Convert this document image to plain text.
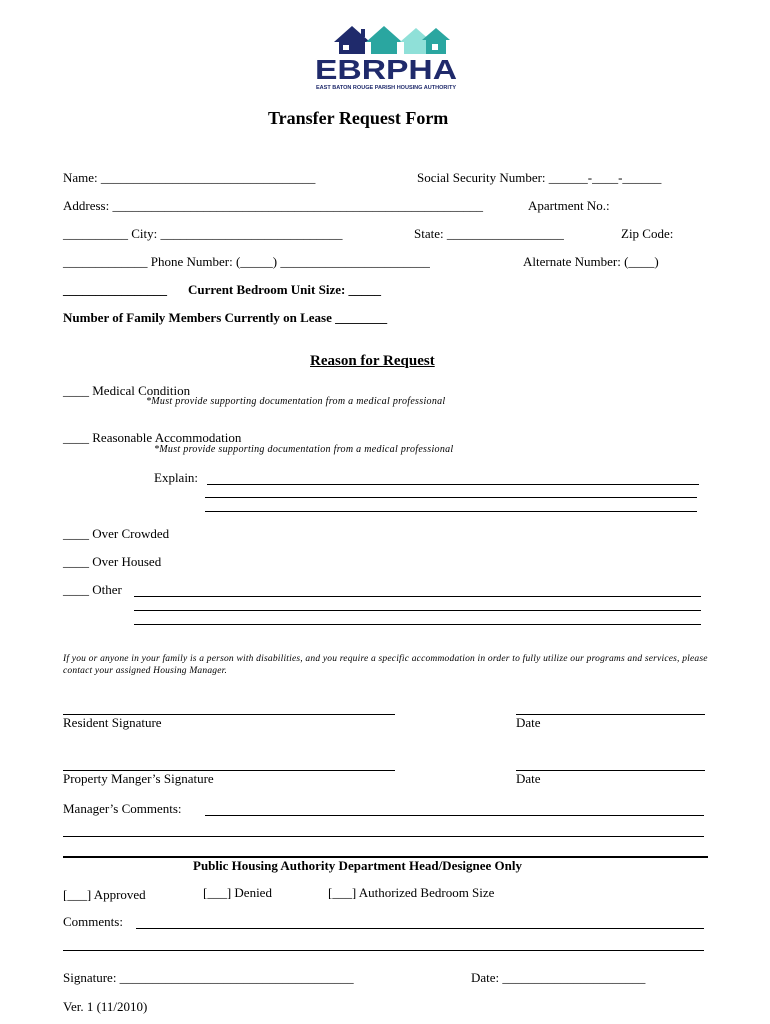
EBRPHA
EAST BATON ROUGE PARISH HOUSING AUTHORITY
Transfer Request Form
Name: _________________________________	Social Security Number: ______-____-______
Address: _________________________________________________________	Apartment No.:
__________ City: ____________________________	State: __________________	Zip Code:
_____________ Phone Number: (_____) _______________________	Alternate Number: (____)
________________ Current Bedroom Unit Size: _____
Number of Family Members Currently on Lease ________
Reason for Request
____ Medical Condition
*Must provide supporting documentation from a medical professional
____ Reasonable Accommodation
*Must provide supporting documentation from a medical professional
Explain:
____ Over Crowded
____ Over Housed
____ Other
If you or anyone in your family is a person with disabilities, and you require a specific accommodation in order to fully utilize our programs and services, please contact your assigned Housing Manager.
Resident Signature	Date
Property Manger’s Signature	Date
Manager’s Comments:
Public Housing Authority Department Head/Designee Only
[___] Approved	[___] Denied	[___] Authorized Bedroom Size
Comments:
Signature: ____________________________________	Date: ______________________
Ver. 1 (11/2010)
